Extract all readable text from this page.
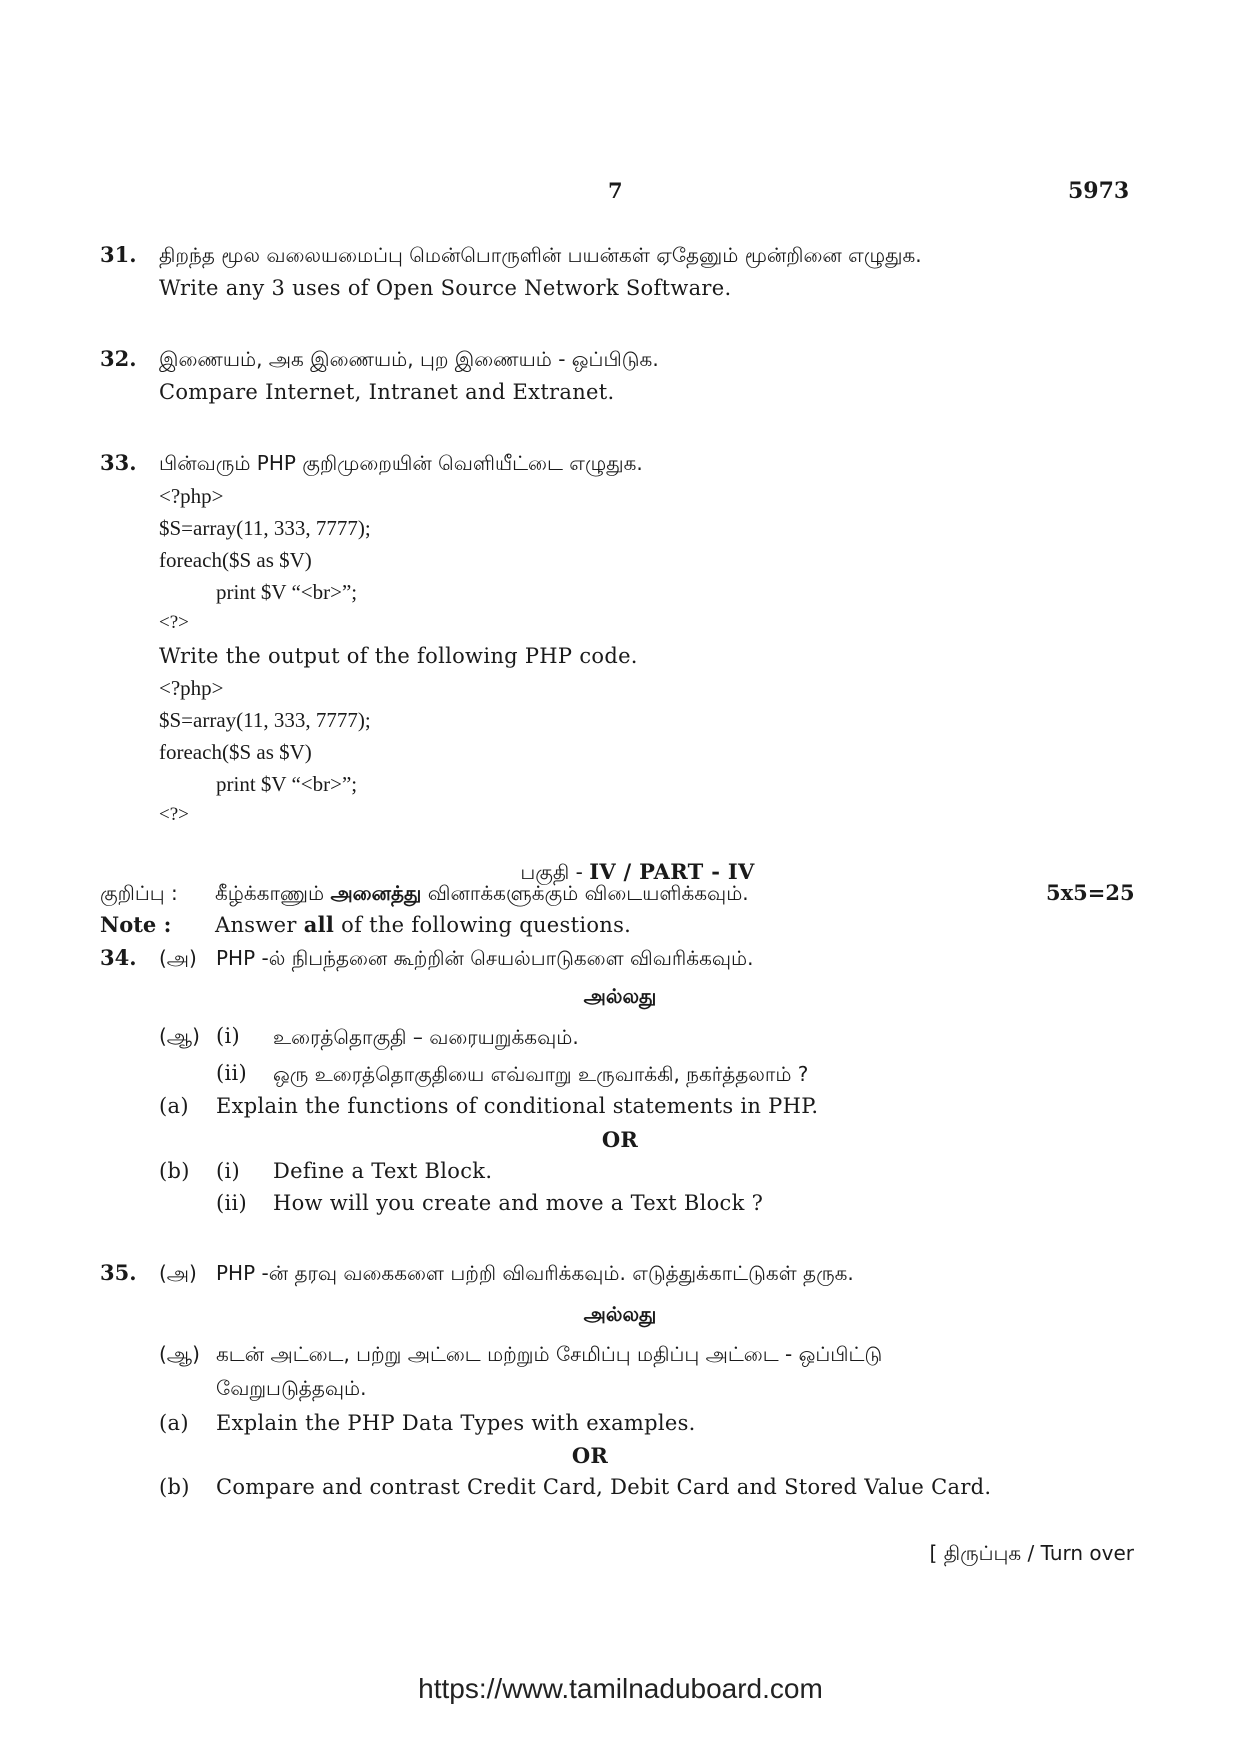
7	5973
31. திறந்த மூல வலையமைப்பு மென்பொருளின் பயன்கள் ஏதேனும் மூன்றினை எழுதுக.
Write any 3 uses of Open Source Network Software.
32. இணையம், அக இணையம், புற இணையம் - ஒப்பிடுக.
Compare Internet, Intranet and Extranet.
33. பின்வரும் PHP குறிமுறையின் வெளியீட்டை எழுதுக.
<?php>
$S=array(11, 333, 7777);
foreach($S as $V)
print $V “<br>”;
<?>
Write the output of the following PHP code.
<?php>
$S=array(11, 333, 7777);
foreach($S as $V)
print $V “<br>”;
<?>

பகுதி - IV / PART - IV

குறிப்பு : கீழ்க்காணும் அனைத்து வினாக்களுக்கும் விடையளிக்கவும்.	5x5=25
Note : Answer all of the following questions.
34. (அ) PHP -ல் நிபந்தனை கூற்றின் செயல்பாடுகளை விவரிக்கவும்.
அல்லது
(ஆ) (i) உரைத்தொகுதி – வரையறுக்கவும்.
(ii) ஒரு உரைத்தொகுதியை எவ்வாறு உருவாக்கி, நகர்த்தலாம் ?
(a) Explain the functions of conditional statements in PHP.
OR
(b) (i) Define a Text Block.
(ii) How will you create and move a Text Block ?
35. (அ) PHP -ன் தரவு வகைகளை பற்றி விவரிக்கவும். எடுத்துக்காட்டுகள் தருக.
அல்லது
(ஆ) கடன் அட்டை, பற்று அட்டை மற்றும் சேமிப்பு மதிப்பு அட்டை - ஒப்பிட்டு
வேறுபடுத்தவும்.
(a) Explain the PHP Data Types with examples.
OR
(b) Compare and contrast Credit Card, Debit Card and Stored Value Card.
[ திருப்புக / Turn over
https://www.tamilnaduboard.com
